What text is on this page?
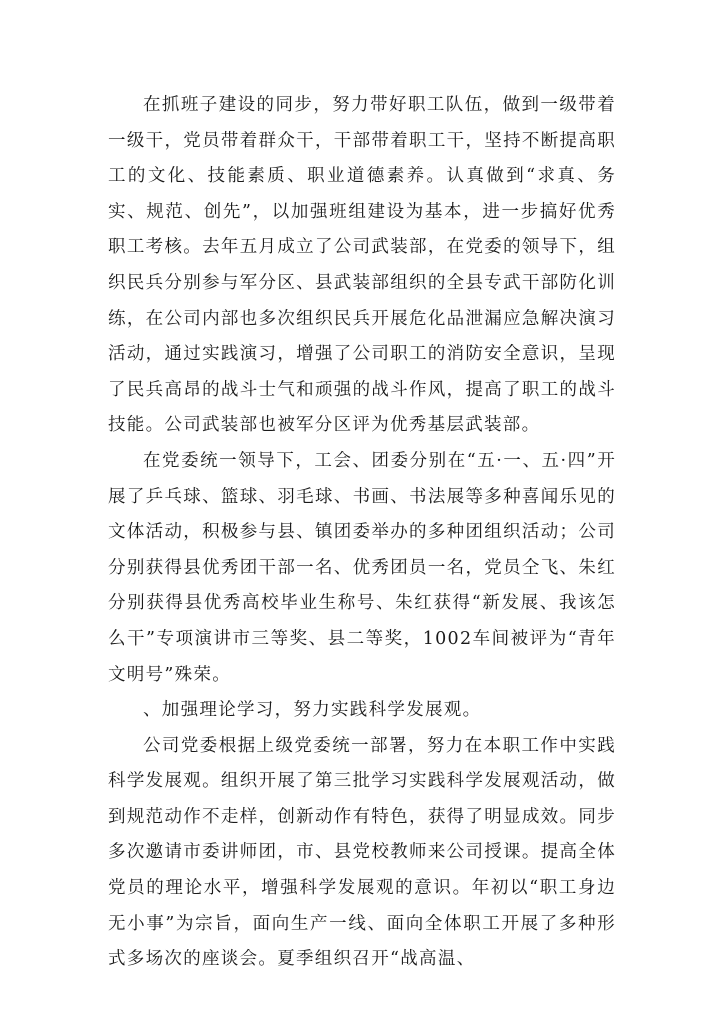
在抓班子建设的同步，努力带好职工队伍，做到一级带着一级干，党员带着群众干，干部带着职工干，坚持不断提高职工的文化、技能素质、职业道德素养。认真做到“求真、务实、规范、创先”，以加强班组建设为基本，进一步搞好优秀职工考核。去年五月成立了公司武装部，在党委的领导下，组织民兵分别参与军分区、县武装部组织的全县专武干部防化训练，在公司内部也多次组织民兵开展危化品泄漏应急解决演习活动，通过实践演习，增强了公司职工的消防安全意识，呈现了民兵高昂的战斗士气和顽强的战斗作风，提高了职工的战斗技能。公司武装部也被军分区评为优秀基层武装部。

在党委统一领导下，工会、团委分别在“五·一、五·四”开展了乒乓球、篮球、羽毛球、书画、书法展等多种喜闻乐见的文体活动，积极参与县、镇团委举办的多种团组织活动；公司分别获得县优秀团干部一名、优秀团员一名，党员仝飞、朱红分别获得县优秀高校毕业生称号、朱红获得“新发展、我该怎么干”专项演讲市三等奖、县二等奖，1002车间被评为“青年文明号”殊荣。

、加强理论学习，努力实践科学发展观。

公司党委根据上级党委统一部署，努力在本职工作中实践科学发展观。组织开展了第三批学习实践科学发展观活动，做到规范动作不走样，创新动作有特色，获得了明显成效。同步多次邀请市委讲师团，市、县党校教师来公司授课。提高全体党员的理论水平，增强科学发展观的意识。年初以“职工身边无小事”为宗旨，面向生产一线、面向全体职工开展了多种形式多场次的座谈会。夏季组织召开“战高温、
